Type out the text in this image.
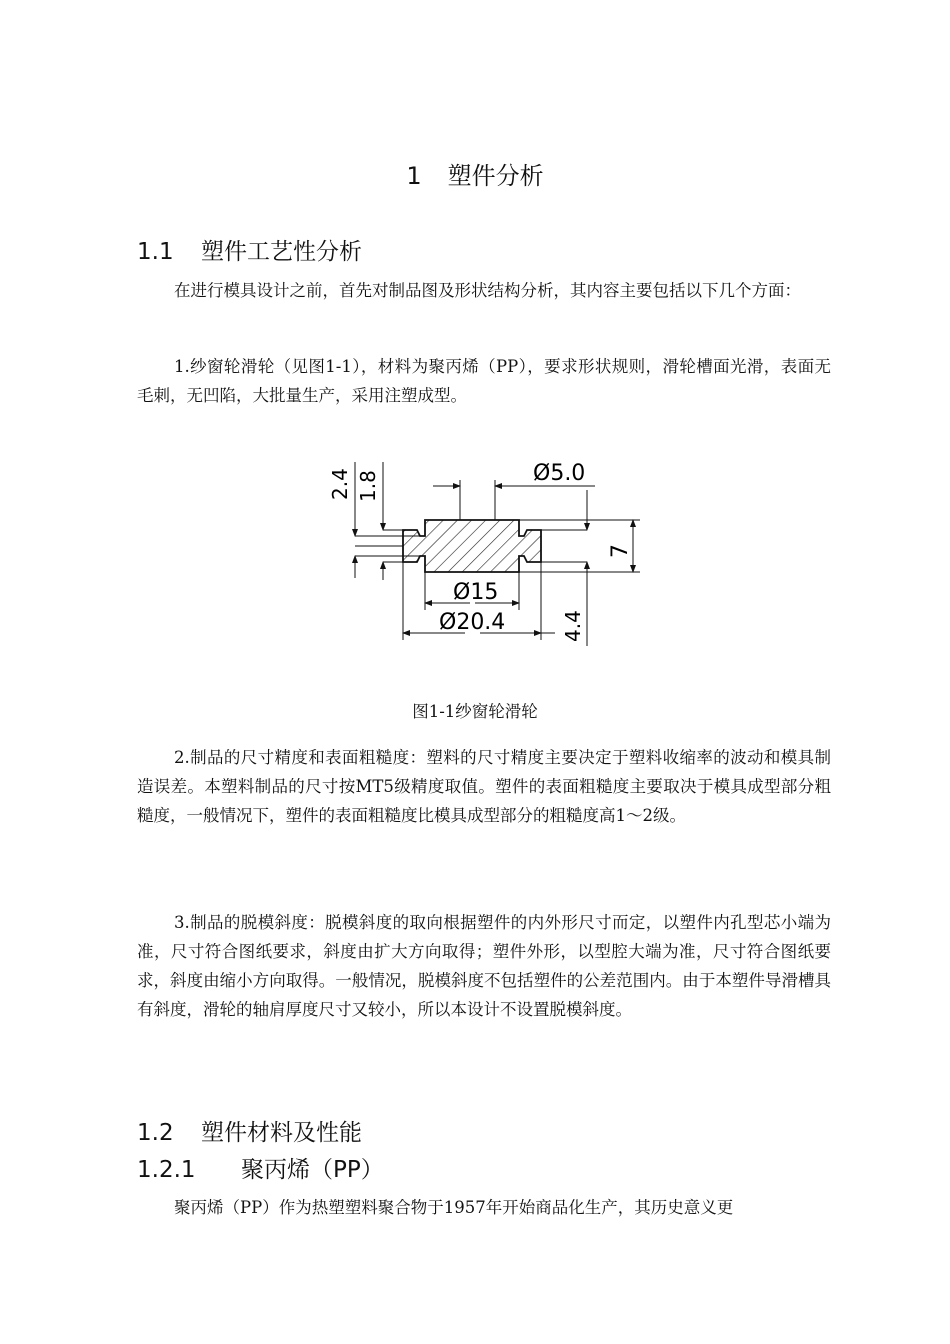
1 塑件分析
1.1 塑件工艺性分析

在进行模具设计之前，首先对制品图及形状结构分析，其内容主要包括以下几个方面：

1.纱窗轮滑轮（见图1-1），材料为聚丙烯（PP），要求形状规则，滑轮槽面光滑，表面无毛刺，无凹陷，大批量生产，采用注塑成型。

Ø5.0
Ø15
Ø20.4
2.4 1.8
7
4.4
图1-1纱窗轮滑轮

2.制品的尺寸精度和表面粗糙度：塑料的尺寸精度主要决定于塑料收缩率的波动和模具制造误差。本塑料制品的尺寸按MT5级精度取值。塑件的表面粗糙度主要取决于模具成型部分粗糙度，一般情况下，塑件的表面粗糙度比模具成型部分的粗糙度高1～2级。

3.制品的脱模斜度：脱模斜度的取向根据塑件的内外形尺寸而定，以塑件内孔型芯小端为准，尺寸符合图纸要求，斜度由扩大方向取得；塑件外形，以型腔大端为准，尺寸符合图纸要求，斜度由缩小方向取得。一般情况，脱模斜度不包括塑件的公差范围内。由于本塑件导滑槽具有斜度，滑轮的轴肩厚度尺寸又较小，所以本设计不设置脱模斜度。

1.2 塑件材料及性能
1.2.1 聚丙烯（PP）

聚丙烯（PP）作为热塑塑料聚合物于1957年开始商品化生产，其历史意义更
